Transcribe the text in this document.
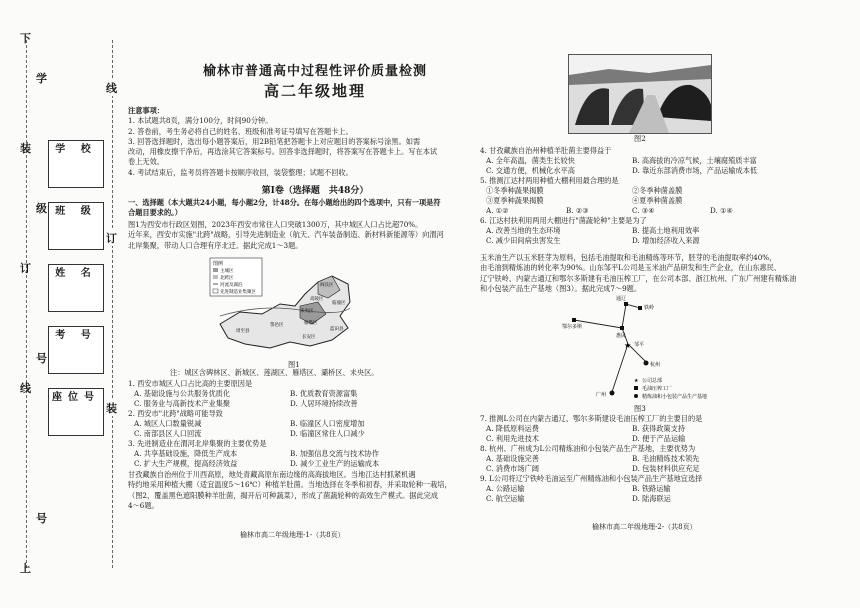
下
装
订
线
上
学
级
号
号
线
订
装
学 校
班 级
姓 名
考 号
座位号
榆林市普通高中过程性评价质量检测
高二年级地理
注意事项：
1. 本试题共8页，满分100分，时间90分钟。
2. 答卷前，考生务必将自己的姓名、班级和准考证号填写在答题卡上。
3. 回答选择题时，选出每小题答案后，用2B铅笔把答题卡上对应题目的答案标号涂黑。如需
改动，用橡皮擦干净后，再选涂其它答案标号。回答非选择题时，将答案写在答题卡上。写在本试
卷上无效。
4. 考试结束后，监考员将答题卡按顺序收回，装袋整理；试题不回收。
第Ⅰ卷（选择题　共48分）
一、选择题（本大题共24小题，每小题2分，计48分。在每小题给出的四个选项中，只有一项是符
合题目要求的。）
图1为西安市行政区划图，2023年西安市常住人口突破1300万，其中城区人口占比超70%。
近年来，西安市实施"北跨"战略，引导先进制造业（航天、汽车装备制造、新材料新能源等）向渭河
北岸集聚，带动人口合理有序北迁。据此完成1～3题。
图例
主城区
北跨区
河流及湖泊
先进制造业集聚区
阎良区
临潼区
高陵区
未央区
雁塔区
长安区
鄠邑区
周至县	蓝田县
图1
注：城区含碑林区、新城区、莲湖区、雁塔区、灞桥区、未央区。
1. 西安市城区人口占比高的主要原因是
A. 基础设施与公共服务优质化	B. 优质教育资源富集
C. 服务业与高新技术产业集聚	D. 人居环境持续改善
2. 西安市"北跨"战略可能导致
A. 城区人口数量锐减	B. 临潼区人口密度增加
C. 南部县区人口回流	D. 临潼区常住人口减少
3. 先进制造业在渭河北岸集聚的主要优势是
A. 共享基础设施，降低生产成本	B. 加强信息交流与技术协作
C. 扩大生产规模，提高经济效益	D. 减少工业生产的运输成本
甘孜藏族自治州位于川西高原，地处青藏高原东南边缘的高海拔地区。当地江达村抓紧机遇
特约地采用种植大棚（适宜温度5～16℃）种植羊肚菌。当地选择在冬季和初春，并采取轮种一栽培，
（图2，覆盖黑色遮阳膜种羊肚菌，揭开后可种蔬菜），形成了菌蔬轮种的高效生产模式。据此完成
4～6题。
榆林市高二年级地理-1-（共8页）
图2
4. 甘孜藏族自治州种植羊肚菌主要得益于
A. 全年高温，菌类生长较快	B. 高海拔的冷凉气候，土壤腐殖质丰富
C. 交通方便，机械化水平高	D. 靠近东部消费市场，产品运输成本低
5. 推测江达村两用种植大棚利用最合理的是
①冬季种蔬果揭膜	②冬季种菌盖膜
③夏季种蔬果揭膜	④夏季种菌盖膜
A. ①②	B. ②③	C. ③④	D. ①④
6. 江达村扶利用两用大棚进行"菌蔬轮种"主要是为了
A. 改善当地的生态环境	B. 提高土地利用效率
C. 减少田间病虫害发生	D. 增加经济收入来源
玉米油生产以玉米胚芽为原料，包括毛油提取和毛油精炼等环节，胚芽的毛油提取率约40%，
由毛油到精炼油的转化率为90%。山东邹平L公司是玉米油产品研发和生产企业，在山东惠民、
辽宁铁岭、内蒙古通辽和鄂尔多斯建有毛油压榨工厂，在公司本部、浙江杭州、广东广州建有精炼油
和小包装产品生产基地（图3）。据此完成7～9题。
★
通辽
铁岭
鄂尔多斯
惠民
邹平
杭州
广州
★ 公司总部
毛油压榨工厂
精炼油和小包装产品生产基地
图3
7. 推测L公司在内蒙古通辽、鄂尔多斯建设毛油压榨工厂的主要目的是
A. 降低原料运费	B. 获得政策支持
C. 利用先进技术	D. 便于产品运输
8. 杭州、广州成为L公司精炼油和小包装产品生产基地，主要优势为
A. 基础设施完善	B. 毛油精炼技术领先
C. 消费市场广阔	D. 包装材料供应充足
9. L公司将辽宁铁岭毛油运至广州精炼油和小包装产品生产基地宜选择
A. 公路运输	B. 铁路运输
C. 航空运输	D. 陆海联运
榆林市高二年级地理-2-（共8页）
